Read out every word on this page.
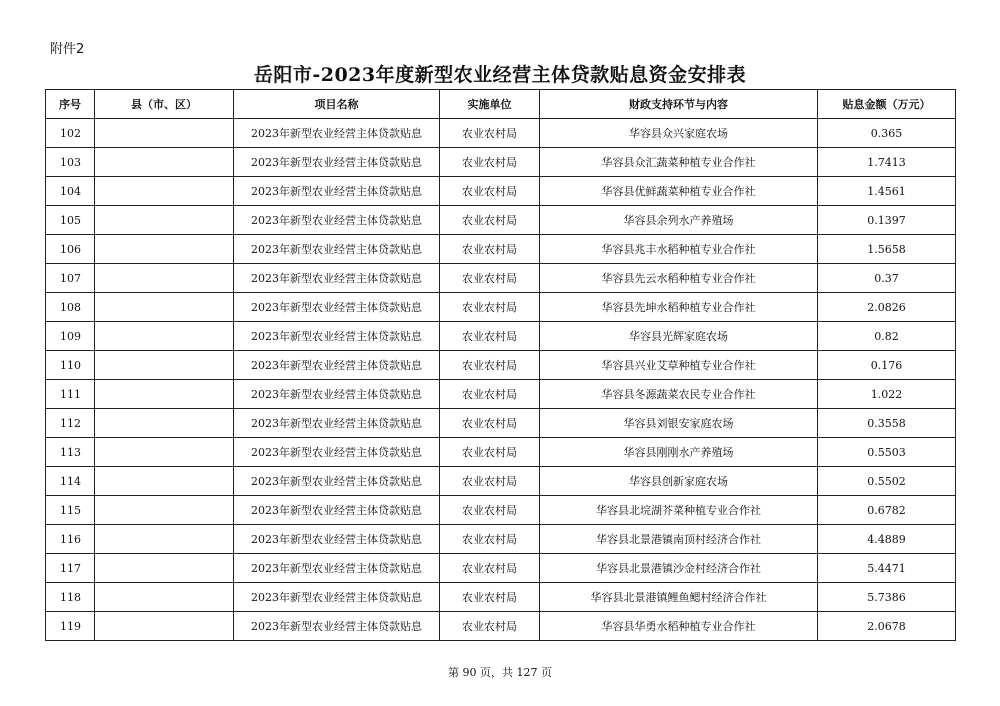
附件2
岳阳市-2023年度新型农业经营主体贷款贴息资金安排表
序号	县（市、区）	项目名称	实施单位	财政支持环节与内容	贴息金额（万元）
102		2023年新型农业经营主体贷款贴息	农业农村局	华容县众兴家庭农场	0.365
103		2023年新型农业经营主体贷款贴息	农业农村局	华容县众汇蔬菜种植专业合作社	1.7413
104		2023年新型农业经营主体贷款贴息	农业农村局	华容县优鲜蔬菜种植专业合作社	1.4561
105		2023年新型农业经营主体贷款贴息	农业农村局	华容县余列水产养殖场	0.1397
106		2023年新型农业经营主体贷款贴息	农业农村局	华容县兆丰水稻种植专业合作社	1.5658
107		2023年新型农业经营主体贷款贴息	农业农村局	华容县先云水稻种植专业合作社	0.37
108		2023年新型农业经营主体贷款贴息	农业农村局	华容县先坤水稻种植专业合作社	2.0826
109		2023年新型农业经营主体贷款贴息	农业农村局	华容县光辉家庭农场	0.82
110		2023年新型农业经营主体贷款贴息	农业农村局	华容县兴业艾草种植专业合作社	0.176
111		2023年新型农业经营主体贷款贴息	农业农村局	华容县冬源蔬菜农民专业合作社	1.022
112		2023年新型农业经营主体贷款贴息	农业农村局	华容县刘银安家庭农场	0.3558
113		2023年新型农业经营主体贷款贴息	农业农村局	华容县刚刚水产养殖场	0.5503
114		2023年新型农业经营主体贷款贴息	农业农村局	华容县创新家庭农场	0.5502
115		2023年新型农业经营主体贷款贴息	农业农村局	华容县北垸湖芥菜种植专业合作社	0.6782
116		2023年新型农业经营主体贷款贴息	农业农村局	华容县北景港镇南顶村经济合作社	4.4889
117		2023年新型农业经营主体贷款贴息	农业农村局	华容县北景港镇沙金村经济合作社	5.4471
118		2023年新型农业经营主体贷款贴息	农业农村局	华容县北景港镇鲤鱼鳃村经济合作社	5.7386
119		2023年新型农业经营主体贷款贴息	农业农村局	华容县华勇水稻种植专业合作社	2.0678
第 90 页，共 127 页
